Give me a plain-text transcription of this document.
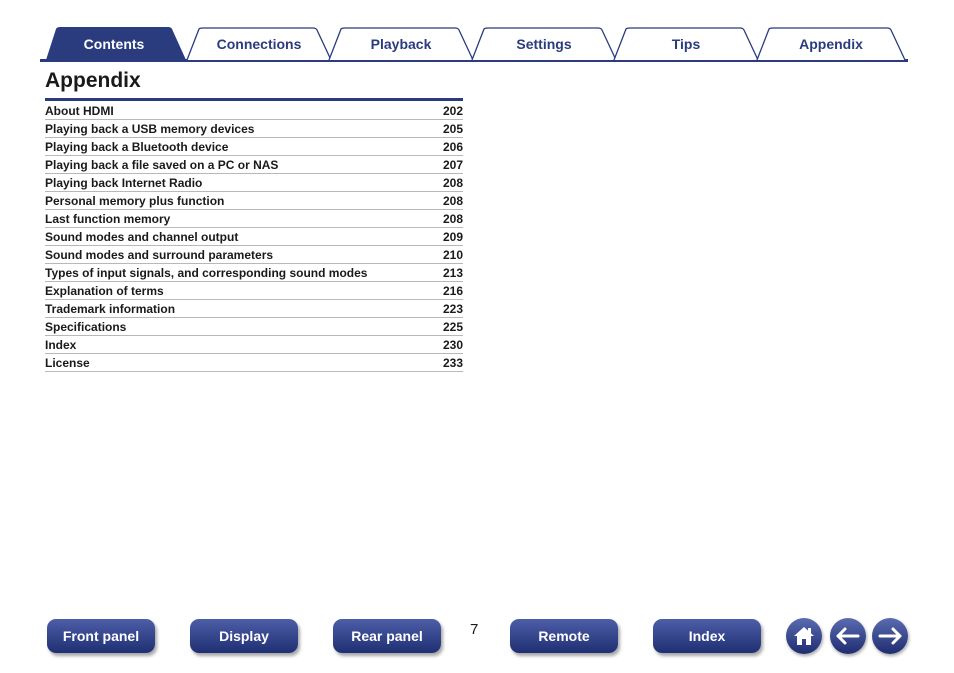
Contents	Connections	Playback	Settings	Tips	Appendix
Appendix
About HDMI	202
Playing back a USB memory devices	205
Playing back a Bluetooth device	206
Playing back a file saved on a PC or NAS	207
Playing back Internet Radio	208
Personal memory plus function	208
Last function memory	208
Sound modes and channel output	209
Sound modes and surround parameters	210
Types of input signals, and corresponding sound modes	213
Explanation of terms	216
Trademark information	223
Specifications	225
Index	230
License	233
Front panel	Display	Rear panel	7	Remote	Index
